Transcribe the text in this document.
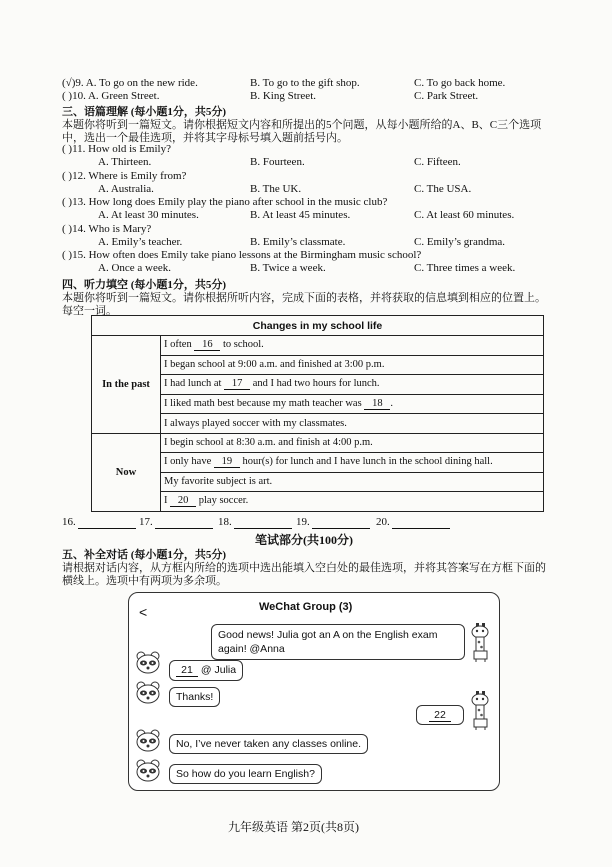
(√)9. A. To go on the new ride.	B. To go to the gift shop.	C. To go back home.
( )10. A. Green Street.	B. King Street.	C. Park Street.
三、语篇理解 (每小题1分，共5分)
本题你将听到一篇短文。请你根据短文内容和所提出的5个问题，从每小题所给的A、B、C三个选项
中，选出一个最佳选项，并将其字母标号填入题前括号内。
( )11. How old is Emily?
A. Thirteen.	B. Fourteen.	C. Fifteen.
( )12. Where is Emily from?
A. Australia.	B. The UK.	C. The USA.
( )13. How long does Emily play the piano after school in the music club?
A. At least 30 minutes.	B. At least 45 minutes.	C. At least 60 minutes.
( )14. Who is Mary?
A. Emily’s teacher.	B. Emily’s classmate.	C. Emily’s grandma.
( )15. How often does Emily take piano lessons at the Birmingham music school?
A. Once a week.	B. Twice a week.	C. Three times a week.
四、听力填空 (每小题1分，共5分)
本题你将听到一篇短文。请你根据所听内容，完成下面的表格，并将获取的信息填到相应的位置上。
每空一词。
Changes in my school life	
In the past	I often 16 to school.
	I began school at 9:00 a.m. and finished at 3:00 p.m.
	I had lunch at 17 and I had two hours for lunch.
	I liked math best because my math teacher was 18 .
	I always played soccer with my classmates.
Now	I begin school at 8:30 a.m. and finish at 4:00 p.m.
	I only have 19 hour(s) for lunch and I have lunch in the school dining hall.
	My favorite subject is art.
	I 20 play soccer.
16.	17.	18.	19.	20.
笔试部分(共100分)
五、补全对话 (每小题1分，共5分)
请根据对话内容，从方框内所给的选项中选出能填入空白处的最佳选项，并将其答案写在方框下面的
横线上。选项中有两项为多余项。
<	WeChat Group (3)
Good news! Julia got an A on the English exam
again! @Anna
21 @ Julia
Thanks!
22
No, I’ve never taken any classes online.
So how do you learn English?
九年级英语 第2页(共8页)
